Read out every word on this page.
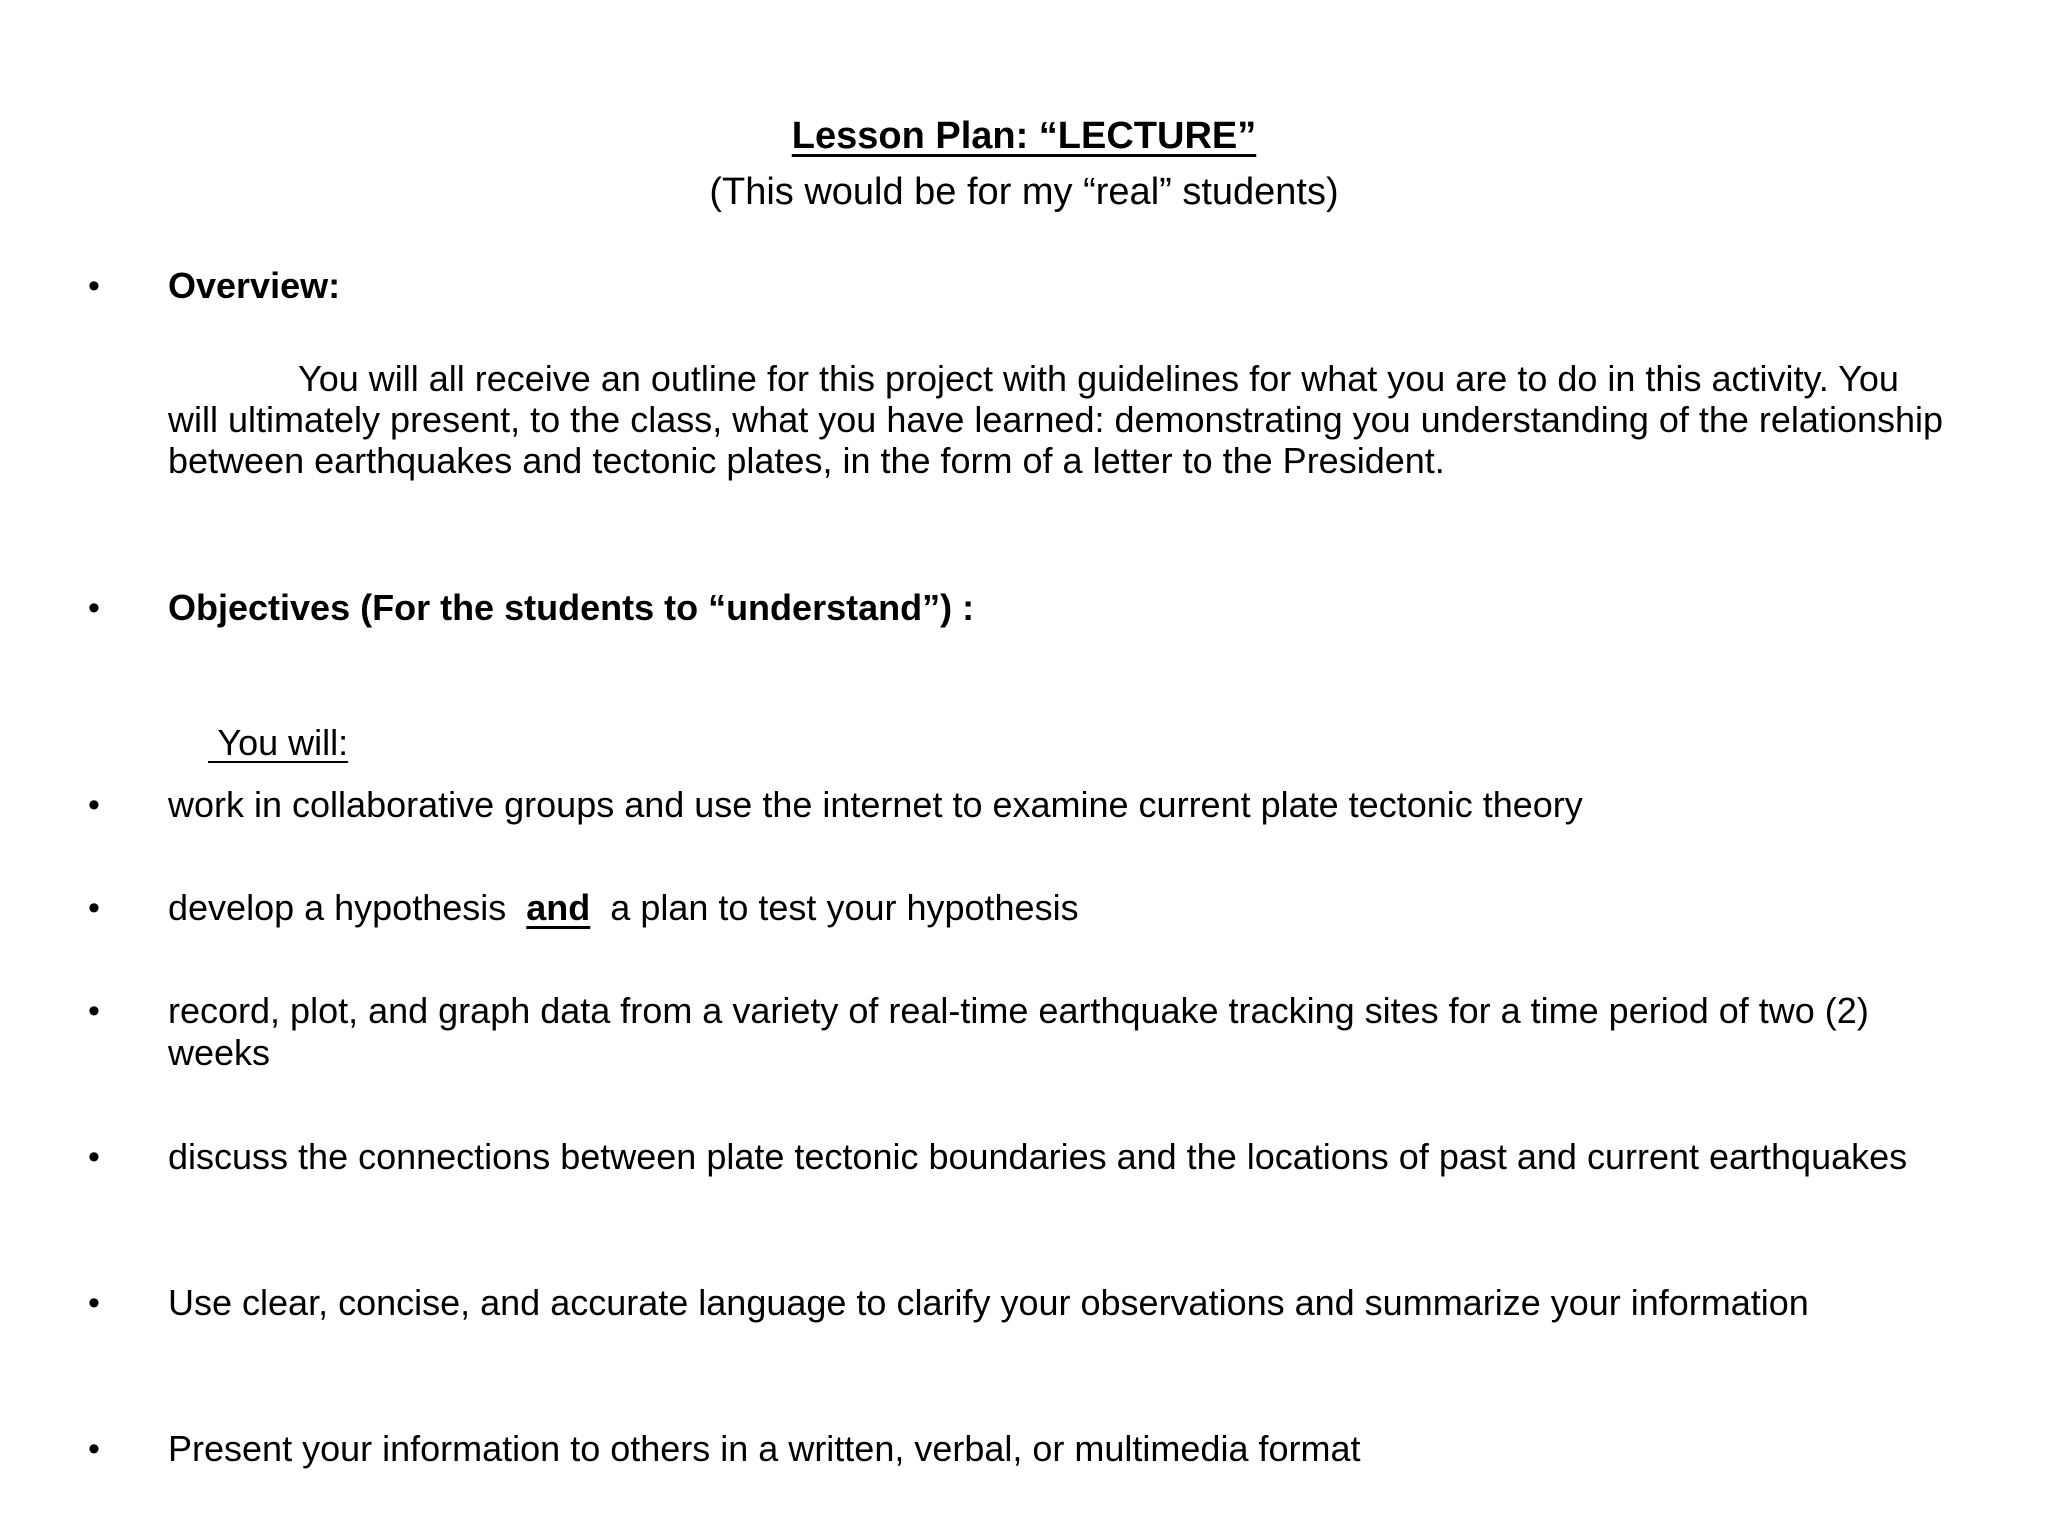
Lesson Plan: “LECTURE”
(This would be for my “real” students)
• Overview:
You will all receive an outline for this project with guidelines for what you are to do in this activity. You will ultimately present, to the class, what you have learned: demonstrating you understanding of the relationship between earthquakes and tectonic plates, in the form of a letter to the President.
• Objectives (For the students to “understand”) :

You will:

• work in collaborative groups and use the internet to examine current plate tectonic theory
• develop a hypothesis  and  a plan to test your hypothesis
• record, plot, and graph data from a variety of real-time earthquake tracking sites for a time period of two (2) weeks
• discuss the connections between plate tectonic boundaries and the locations of past and current earthquakes
• Use clear, concise, and accurate language to clarify your observations and summarize your information
• Present your information to others in a written, verbal, or multimedia format
